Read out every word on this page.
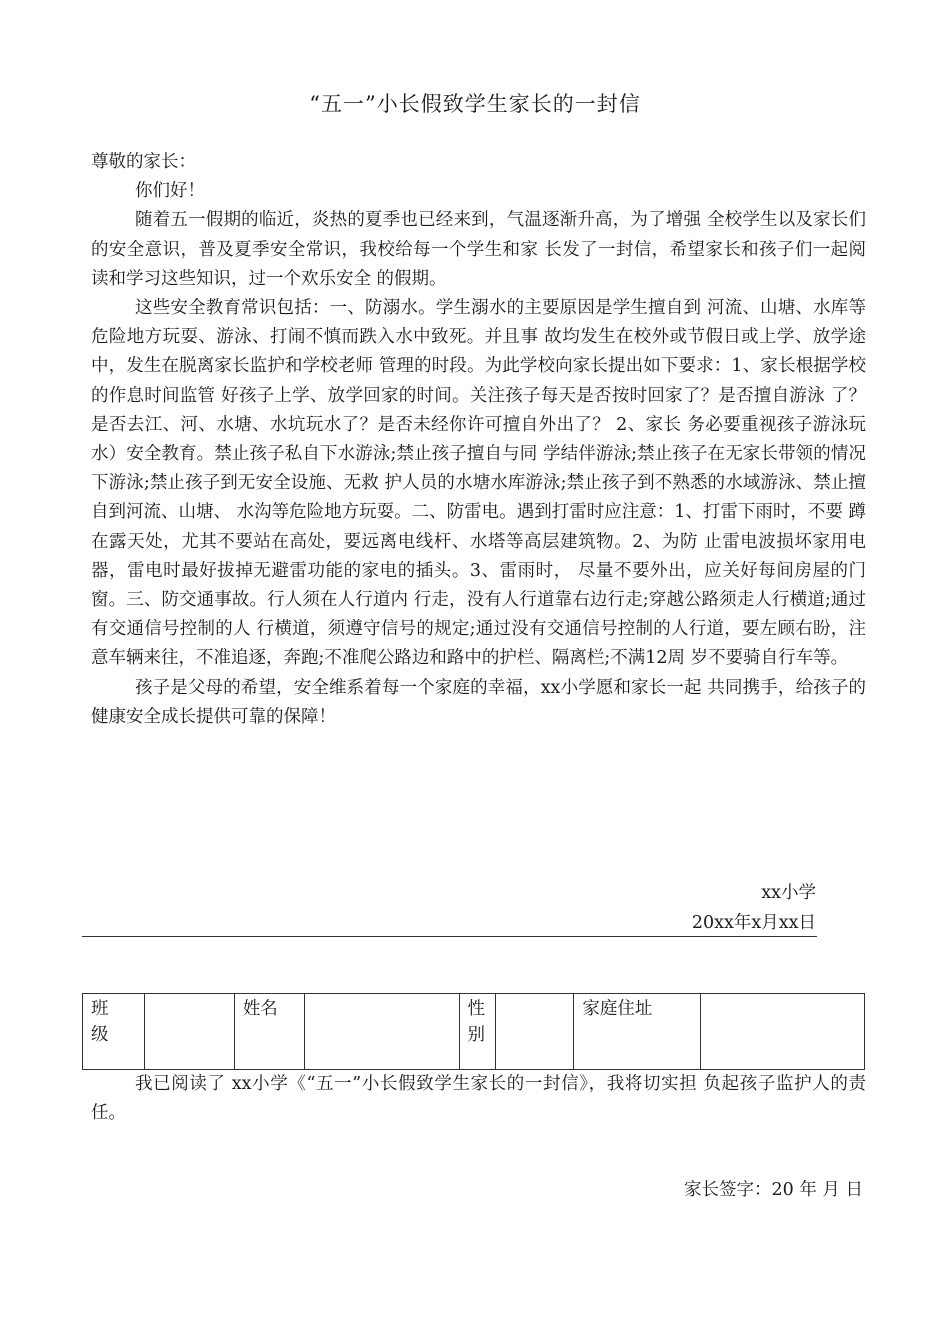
“五一”小长假致学生家长的一封信

尊敬的家长：

你们好！

随着五一假期的临近，炎热的夏季也已经来到，气温逐渐升高，为了增强 全校学生以及家长们的安全意识，普及夏季安全常识，我校给每一个学生和家 长发了一封信，希望家长和孩子们一起阅读和学习这些知识，过一个欢乐安全 的假期。

这些安全教育常识包括：一、防溺水。学生溺水的主要原因是学生擅自到 河流、山塘、水库等危险地方玩耍、游泳、打闹不慎而跌入水中致死。并且事 故均发生在校外或节假日或上学、放学途中，发生在脱离家长监护和学校老师 管理的时段。为此学校向家长提出如下要求：1、家长根据学校的作息时间监管 好孩子上学、放学回家的时间。关注孩子每天是否按时回家了？是否擅自游泳 了？是否去江、河、水塘、水坑玩水了？是否未经你许可擅自外出了？ 2、家长 务必要重视孩子游泳玩水）安全教育。禁止孩子私自下水游泳;禁止孩子擅自与同 学结伴游泳;禁止孩子在无家长带领的情况下游泳;禁止孩子到无安全设施、无救 护人员的水塘水库游泳;禁止孩子到不熟悉的水域游泳、禁止擅自到河流、山塘、 水沟等危险地方玩耍。二、防雷电。遇到打雷时应注意：1、打雷下雨时，不要 蹲在露天处，尤其不要站在高处，要远离电线杆、水塔等高层建筑物。2、为防 止雷电波损坏家用电器，雷电时最好拔掉无避雷功能的家电的插头。3、雷雨时， 尽量不要外出，应关好每间房屋的门窗。三、防交通事故。行人须在人行道内 行走，没有人行道靠右边行走;穿越公路须走人行横道;通过有交通信号控制的人 行横道，须遵守信号的规定;通过没有交通信号控制的人行道，要左顾右盼，注 意车辆来往，不准追逐，奔跑;不准爬公路边和路中的护栏、隔离栏;不满12周 岁不要骑自行车等。

孩子是父母的希望，安全维系着每一个家庭的幸福，xx小学愿和家长一起 共同携手，给孩子的健康安全成长提供可靠的保障！

xx小学
20xx年x月xx日
班级		姓名		性别		家庭住址	
我已阅读了 xx小学《“五一”小长假致学生家长的一封信》，我将切实担 负起孩子监护人的责任。
家长签字：20 年 月 日
